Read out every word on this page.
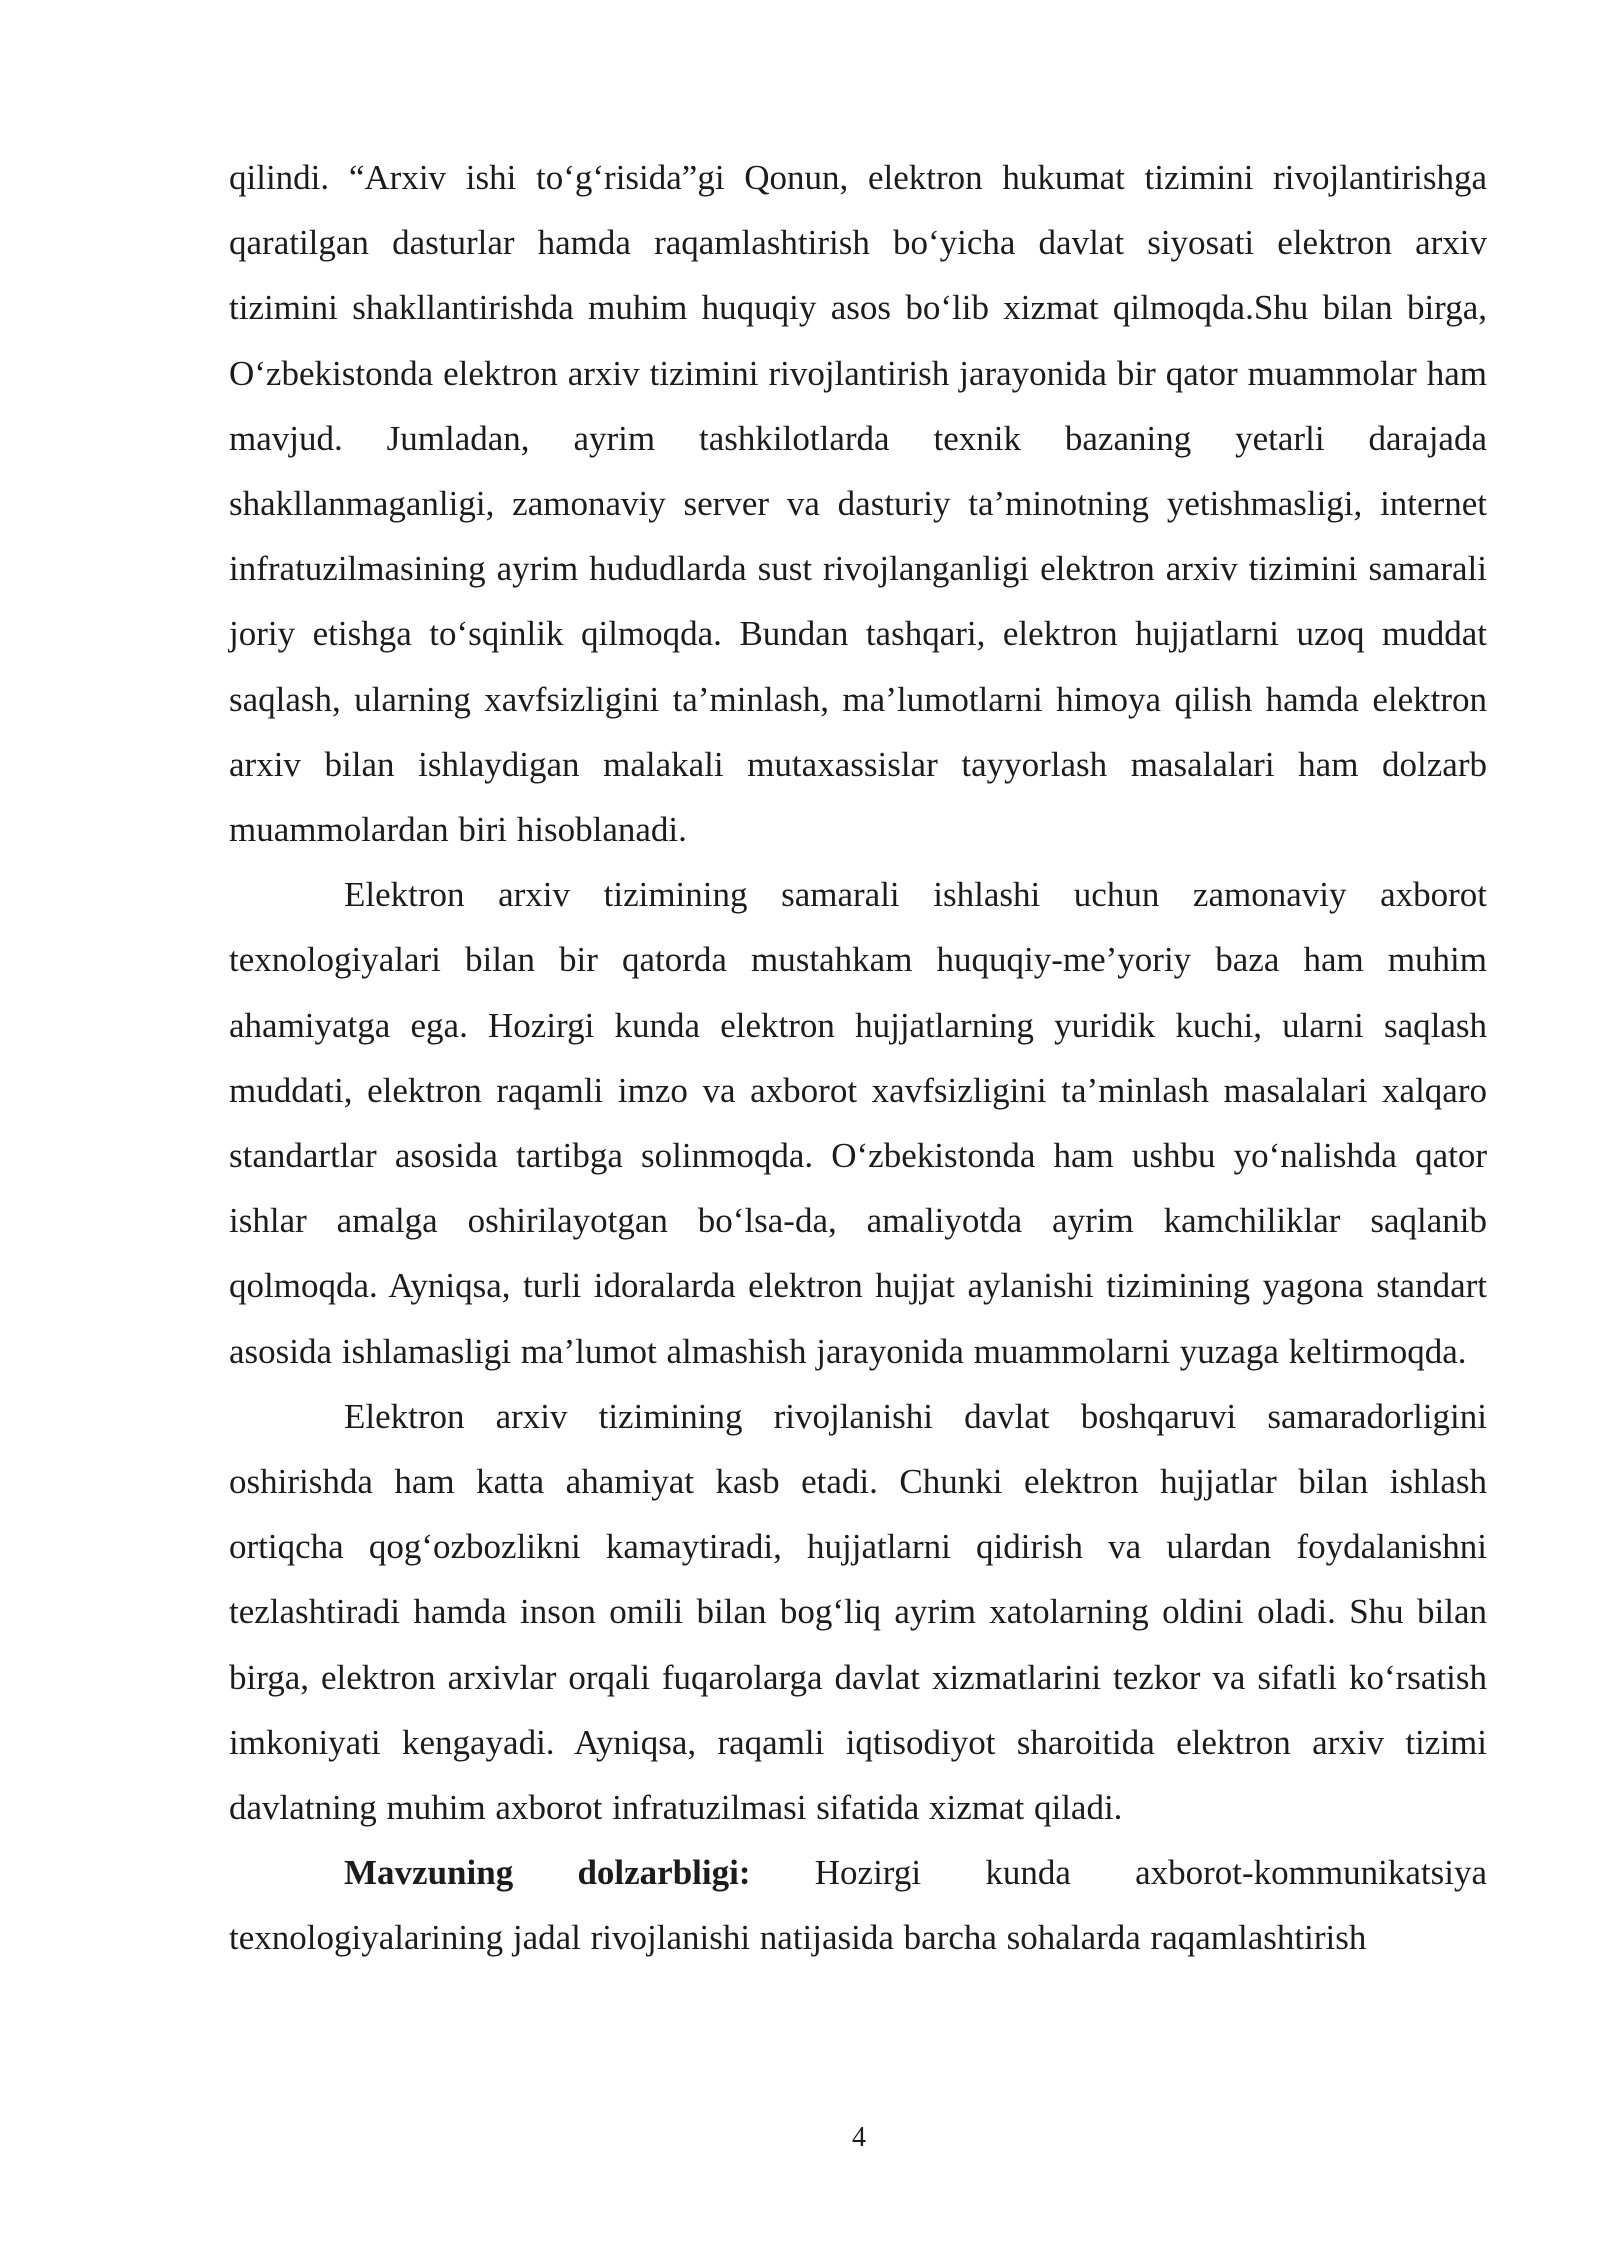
qilindi. “Arxiv ishi to‘g‘risida”gi Qonun, elektron hukumat tizimini rivojlantirishga qaratilgan dasturlar hamda raqamlashtirish bo‘yicha davlat siyosati elektron arxiv tizimini shakllantirishda muhim huquqiy asos bo‘lib xizmat qilmoqda.Shu bilan birga, O‘zbekistonda elektron arxiv tizimini rivojlantirish jarayonida bir qator muammolar ham mavjud. Jumladan, ayrim tashkilotlarda texnik bazaning yetarli darajada shakllanmaganligi, zamonaviy server va dasturiy ta’minotning yetishmasligi, internet infratuzilmasining ayrim hududlarda sust rivojlanganligi elektron arxiv tizimini samarali joriy etishga to‘sqinlik qilmoqda. Bundan tashqari, elektron hujjatlarni uzoq muddat saqlash, ularning xavfsizligini ta’minlash, ma’lumotlarni himoya qilish hamda elektron arxiv bilan ishlaydigan malakali mutaxassislar tayyorlash masalalari ham dolzarb muammolardan biri hisoblanadi.

Elektron arxiv tizimining samarali ishlashi uchun zamonaviy axborot texnologiyalari bilan bir qatorda mustahkam huquqiy-me’yoriy baza ham muhim ahamiyatga ega. Hozirgi kunda elektron hujjatlarning yuridik kuchi, ularni saqlash muddati, elektron raqamli imzo va axborot xavfsizligini ta’minlash masalalari xalqaro standartlar asosida tartibga solinmoqda. O‘zbekistonda ham ushbu yo‘nalishda qator ishlar amalga oshirilayotgan bo‘lsa-da, amaliyotda ayrim kamchiliklar saqlanib qolmoqda. Ayniqsa, turli idoralarda elektron hujjat aylanishi tizimining yagona standart asosida ishlamasligi ma’lumot almashish jarayonida muammolarni yuzaga keltirmoqda.

Elektron arxiv tizimining rivojlanishi davlat boshqaruvi samaradorligini oshirishda ham katta ahamiyat kasb etadi. Chunki elektron hujjatlar bilan ishlash ortiqcha qog‘ozbozlikni kamaytiradi, hujjatlarni qidirish va ulardan foydalanishni tezlashtiradi hamda inson omili bilan bog‘liq ayrim xatolarning oldini oladi. Shu bilan birga, elektron arxivlar orqali fuqarolarga davlat xizmatlarini tezkor va sifatli ko‘rsatish imkoniyati kengayadi. Ayniqsa, raqamli iqtisodiyot sharoitida elektron arxiv tizimi davlatning muhim axborot infratuzilmasi sifatida xizmat qiladi.

Mavzuning dolzarbligi: Hozirgi kunda axborot-kommunikatsiya texnologiyalarining jadal rivojlanishi natijasida barcha sohalarda raqamlashtirish

4
